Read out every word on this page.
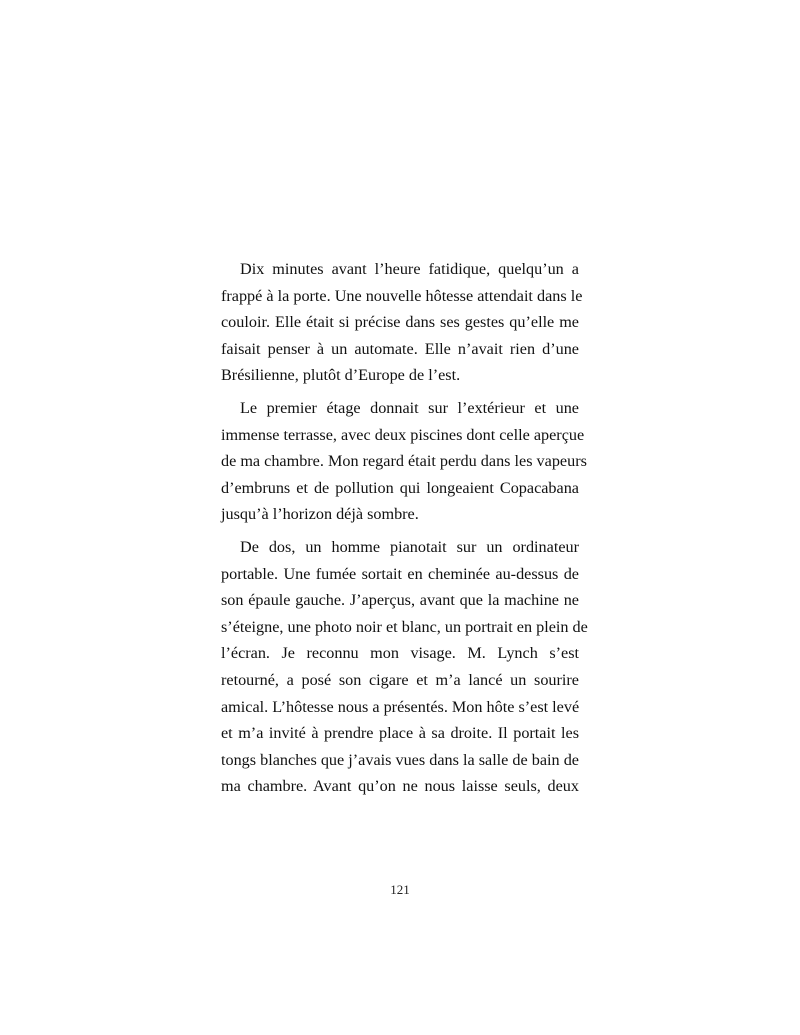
Dix minutes avant l’heure fatidique, quelqu’un a
frappé à la porte. Une nouvelle hôtesse attendait dans le
couloir. Elle était si précise dans ses gestes qu’elle me
faisait penser à un automate. Elle n’avait rien d’une
Brésilienne, plutôt d’Europe de l’est.
Le premier étage donnait sur l’extérieur et une
immense terrasse, avec deux piscines dont celle aperçue
de ma chambre. Mon regard était perdu dans les vapeurs
d’embruns et de pollution qui longeaient Copacabana
jusqu’à l’horizon déjà sombre.
De dos, un homme pianotait sur un ordinateur
portable. Une fumée sortait en cheminée au-dessus de
son épaule gauche. J’aperçus, avant que la machine ne
s’éteigne, une photo noir et blanc, un portrait en plein de
l’écran. Je reconnu mon visage. M. Lynch s’est
retourné, a posé son cigare et m’a lancé un sourire
amical. L’hôtesse nous a présentés. Mon hôte s’est levé
et m’a invité à prendre place à sa droite. Il portait les
tongs blanches que j’avais vues dans la salle de bain de
ma chambre. Avant qu’on ne nous laisse seuls, deux
121
